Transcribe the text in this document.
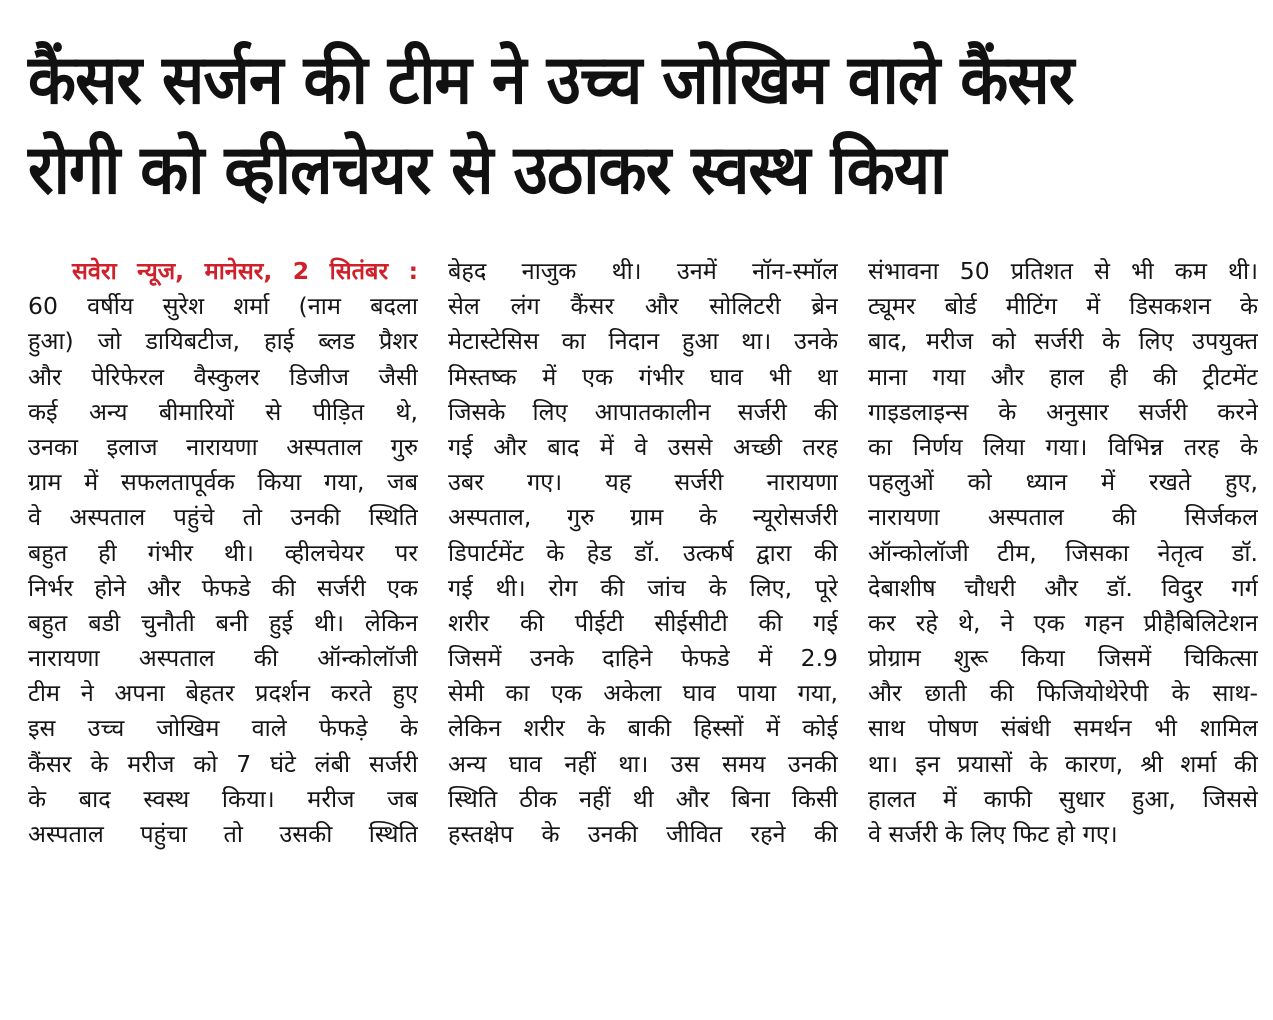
कैंसर सर्जन की टीम ने उच्च जोखिम वाले कैंसर
रोगी को व्हीलचेयर से उठाकर स्वस्थ किया
सवेरा न्यूज, मानेसर, 2 सितंबर :
60 वर्षीय सुरेश शर्मा (नाम बदला
हुआ) जो डायिबटीज, हाई ब्लड प्रैशर
और पेरिफेरल वैस्कुलर डिजीज जैसी
कई अन्य बीमारियों से पीड़ित थे,
उनका इलाज नारायणा अस्पताल गुरु
ग्राम में सफलतापूर्वक किया गया, जब
वे अस्पताल पहुंचे तो उनकी स्थिति
बहुत ही गंभीर थी। व्हीलचेयर पर
निर्भर होने और फेफडे की सर्जरी एक
बहुत बडी चुनौती बनी हुई थी। लेकिन
नारायणा अस्पताल की ऑन्कोलॉजी
टीम ने अपना बेहतर प्रदर्शन करते हुए
इस उच्च जोखिम वाले फेफड़े के
कैंसर के मरीज को 7 घंटे लंबी सर्जरी
के बाद स्वस्थ किया। मरीज जब
अस्पताल पहुंचा तो उसकी स्थिति
बेहद नाजुक थी। उनमें नॉन-स्मॉल
सेल लंग कैंसर और सोलिटरी ब्रेन
मेटास्टेसिस का निदान हुआ था। उनके
मिस्तष्क में एक गंभीर घाव भी था
जिसके लिए आपातकालीन सर्जरी की
गई और बाद में वे उससे अच्छी तरह
उबर गए। यह सर्जरी नारायणा
अस्पताल, गुरु ग्राम के न्यूरोसर्जरी
डिपार्टमेंट के हेड डॉ. उत्कर्ष द्वारा की
गई थी। रोग की जांच के लिए, पूरे
शरीर की पीईटी सीईसीटी की गई
जिसमें उनके दाहिने फेफडे में 2.9
सेमी का एक अकेला घाव पाया गया,
लेकिन शरीर के बाकी हिस्सों में कोई
अन्य घाव नहीं था। उस समय उनकी
स्थिति ठीक नहीं थी और बिना किसी
हस्तक्षेप के उनकी जीवित रहने की
संभावना 50 प्रतिशत से भी कम थी।
ट्यूमर बोर्ड मीटिंग में डिसकशन के
बाद, मरीज को सर्जरी के लिए उपयुक्त
माना गया और हाल ही की ट्रीटमेंट
गाइडलाइन्स के अनुसार सर्जरी करने
का निर्णय लिया गया। विभिन्न तरह के
पहलुओं को ध्यान में रखते हुए,
नारायणा अस्पताल की सिर्जकल
ऑन्कोलॉजी टीम, जिसका नेतृत्व डॉ.
देबाशीष चौधरी और डॉ. विदुर गर्ग
कर रहे थे, ने एक गहन प्रीहैबिलिटेशन
प्रोग्राम शुरू किया जिसमें चिकित्सा
और छाती की फिजियोथेरेपी के साथ-
साथ पोषण संबंधी समर्थन भी शामिल
था। इन प्रयासों के कारण, श्री शर्मा की
हालत में काफी सुधार हुआ, जिससे
वे सर्जरी के लिए फिट हो गए।
